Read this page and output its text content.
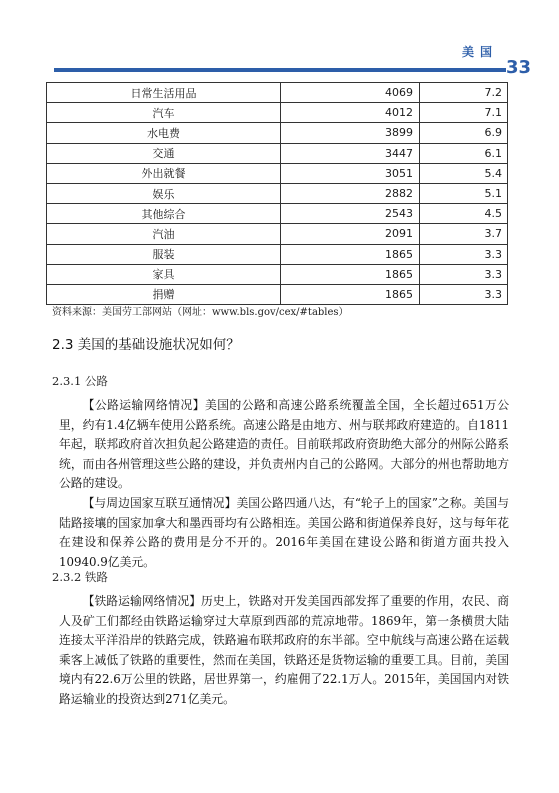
美国
33
日常生活用品	4069	7.2
汽车	4012	7.1
水电费	3899	6.9
交通	3447	6.1
外出就餐	3051	5.4
娱乐	2882	5.1
其他综合	2543	4.5
汽油	2091	3.7
服装	1865	3.3
家具	1865	3.3
捐赠	1865	3.3
资料来源：美国劳工部网站（网址：www.bls.gov/cex/#tables）
2.3 美国的基础设施状况如何？
2.3.1 公路
【公路运输网络情况】美国的公路和高速公路系统覆盖全国，全长超过651万公里，约有1.4亿辆车使用公路系统。高速公路是由地方、州与联邦政府建造的。自1811年起，联邦政府首次担负起公路建造的责任。目前联邦政府资助绝大部分的州际公路系统，而由各州管理这些公路的建设，并负责州内自己的公路网。大部分的州也帮助地方公路的建设。
【与周边国家互联互通情况】美国公路四通八达，有“轮子上的国家”之称。美国与陆路接壤的国家加拿大和墨西哥均有公路相连。美国公路和街道保养良好，这与每年花在建设和保养公路的费用是分不开的。2016年美国在建设公路和街道方面共投入10940.9亿美元。
2.3.2 铁路
【铁路运输网络情况】历史上，铁路对开发美国西部发挥了重要的作用，农民、商人及矿工们都经由铁路运输穿过大草原到西部的荒凉地带。1869年，第一条横贯大陆连接太平洋沿岸的铁路完成，铁路遍布联邦政府的东半部。空中航线与高速公路在运载乘客上减低了铁路的重要性，然而在美国，铁路还是货物运输的重要工具。目前，美国境内有22.6万公里的铁路，居世界第一，约雇佣了22.1万人。2015年，美国国内对铁路运输业的投资达到271亿美元。
